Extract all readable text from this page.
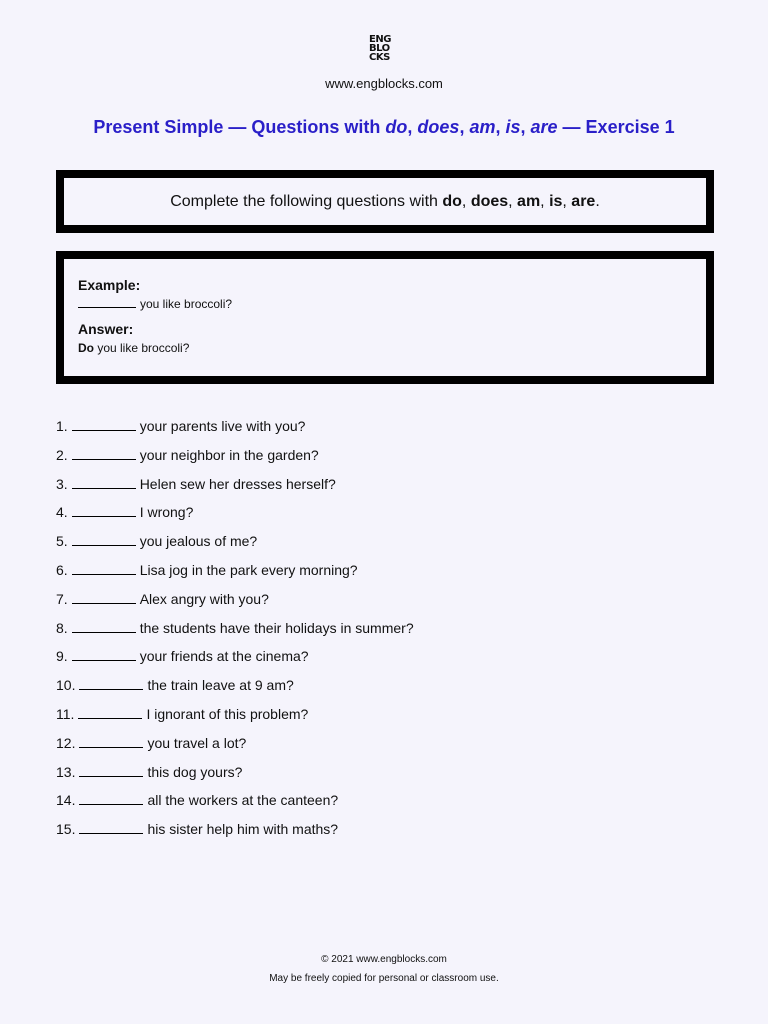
ENG
BLO
CKS
www.engblocks.com
Present Simple — Questions with do, does, am, is, are — Exercise 1
Complete the following questions with do, does, am, is, are.
Example:
you like broccoli?
Answer:
Do you like broccoli?
1.	your parents live with you?
2.	your neighbor in the garden?
3.	Helen sew her dresses herself?
4.	I wrong?
5.	you jealous of me?
6.	Lisa jog in the park every morning?
7.	Alex angry with you?
8.	the students have their holidays in summer?
9.	your friends at the cinema?
10.	the train leave at 9 am?
11.	I ignorant of this problem?
12.	you travel a lot?
13.	this dog yours?
14.	all the workers at the canteen?
15.	his sister help him with maths?
© 2021 www.engblocks.com
May be freely copied for personal or classroom use.
